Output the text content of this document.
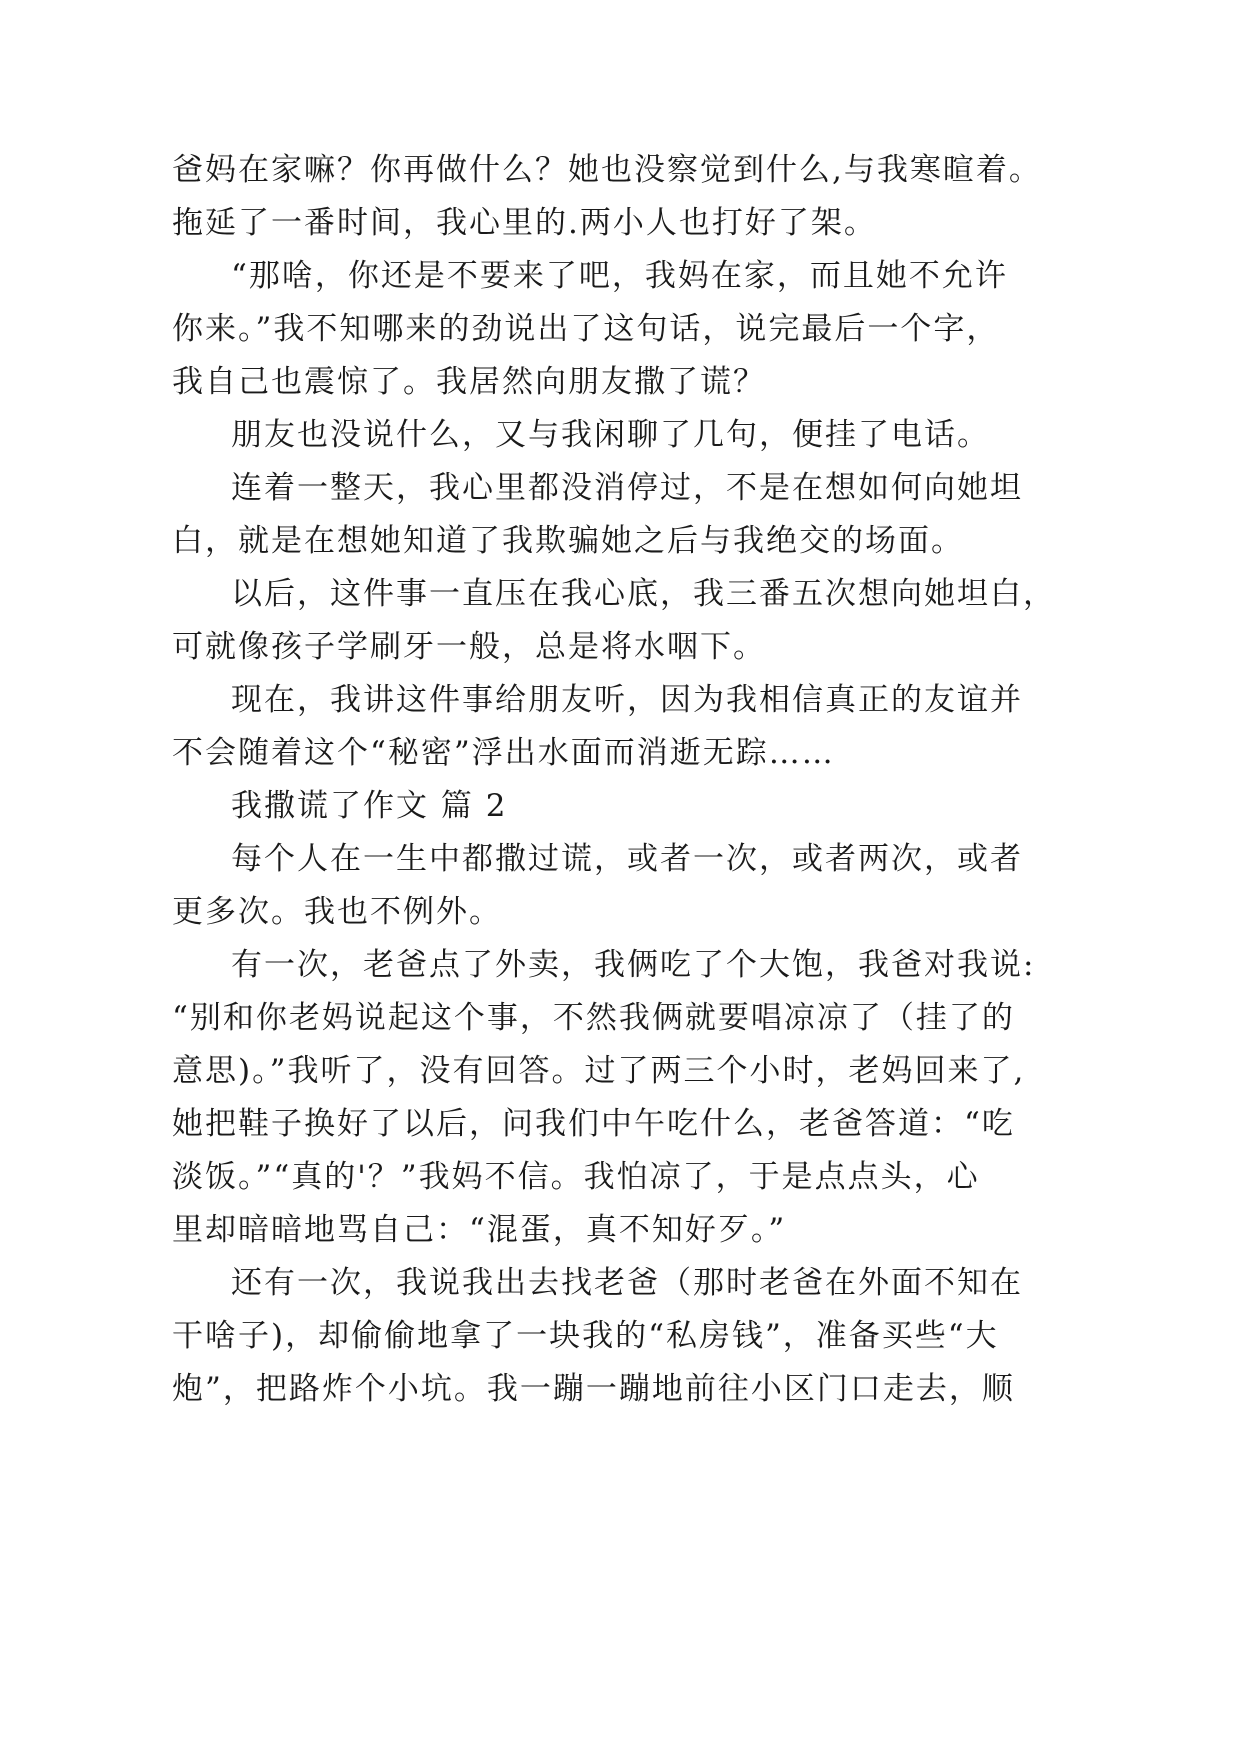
爸妈在家嘛？你再做什么？她也没察觉到什么,与我寒暄着。
拖延了一番时间，我心里的.两小人也打好了架。
“那啥，你还是不要来了吧，我妈在家，而且她不允许
你来。”我不知哪来的劲说出了这句话，说完最后一个字，
我自己也震惊了。我居然向朋友撒了谎？
朋友也没说什么，又与我闲聊了几句，便挂了电话。
连着一整天，我心里都没消停过，不是在想如何向她坦
白，就是在想她知道了我欺骗她之后与我绝交的场面。
以后，这件事一直压在我心底，我三番五次想向她坦白，
可就像孩子学刷牙一般，总是将水咽下。
现在，我讲这件事给朋友听，因为我相信真正的友谊并
不会随着这个“秘密”浮出水面而消逝无踪……
我撒谎了作文 篇 2
每个人在一生中都撒过谎，或者一次，或者两次，或者
更多次。我也不例外。
有一次，老爸点了外卖，我俩吃了个大饱，我爸对我说:
“别和你老妈说起这个事，不然我俩就要唱凉凉了（挂了的
意思)。”我听了，没有回答。过了两三个小时，老妈回来了,
她把鞋子换好了以后，问我们中午吃什么，老爸答道：“吃
淡饭。”“真的'？”我妈不信。我怕凉了，于是点点头，心
里却暗暗地骂自己：“混蛋，真不知好歹。”
还有一次，我说我出去找老爸（那时老爸在外面不知在
干啥子)，却偷偷地拿了一块我的“私房钱”，准备买些“大
炮”，把路炸个小坑。我一蹦一蹦地前往小区门口走去，顺
